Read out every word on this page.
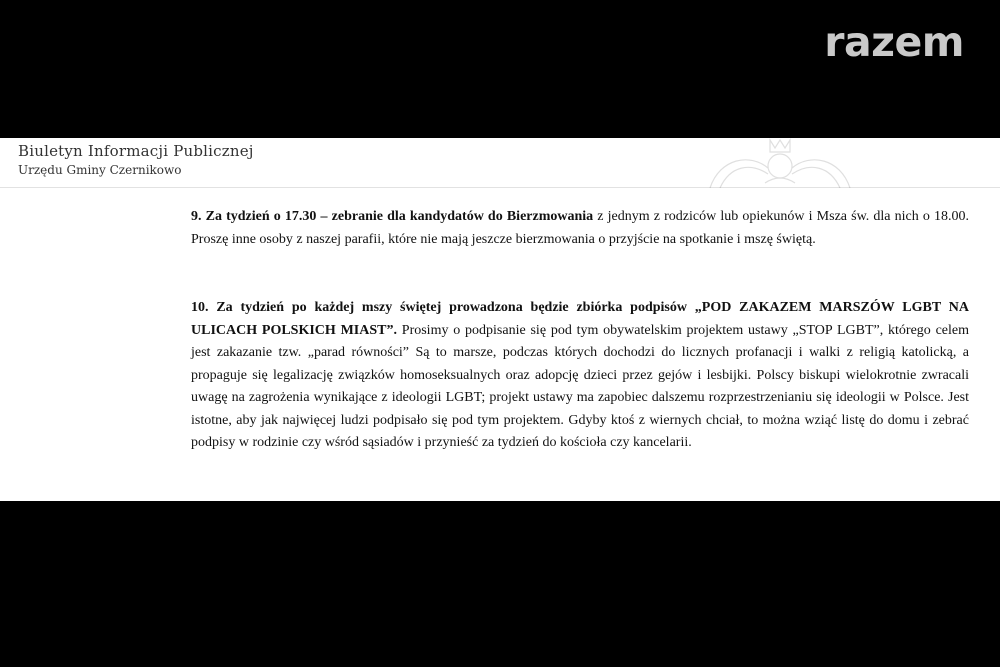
razem
Biuletyn Informacji Publicznej
Urzędu Gminy Czernikowo

9. Za tydzień o 17.30 – zebranie dla kandydatów do Bierzmowania z jednym z rodziców lub opiekunów i Msza św. dla nich o 18.00. Proszę inne osoby z naszej parafii, które nie mają jeszcze bierzmowania o przyjście na spotkanie i mszę świętą.

10. Za tydzień po każdej mszy świętej prowadzona będzie zbiórka podpisów „POD ZAKAZEM MARSZÓW LGBT NA ULICACH POLSKICH MIAST”. Prosimy o podpisanie się pod tym obywatelskim projektem ustawy „STOP LGBT”, którego celem jest zakazanie tzw. „parad równości” Są to marsze, podczas których dochodzi do licznych profanacji i walki z religią katolicką, a propaguje się legalizację związków homoseksualnych oraz adopcję dzieci przez gejów i lesbijki. Polscy biskupi wielokrotnie zwracali uwagę na zagrożenia wynikające z ideologii LGBT; projekt ustawy ma zapobiec dalszemu rozprzestrzenianiu się ideologii w Polsce. Jest istotne, aby jak najwięcej ludzi podpisało się pod tym projektem. Gdyby ktoś z wiernych chciał, to można wziąć listę do domu i zebrać podpisy w rodzinie czy wśród sąsiadów i przynieść za tydzień do kościoła czy kancelarii.
